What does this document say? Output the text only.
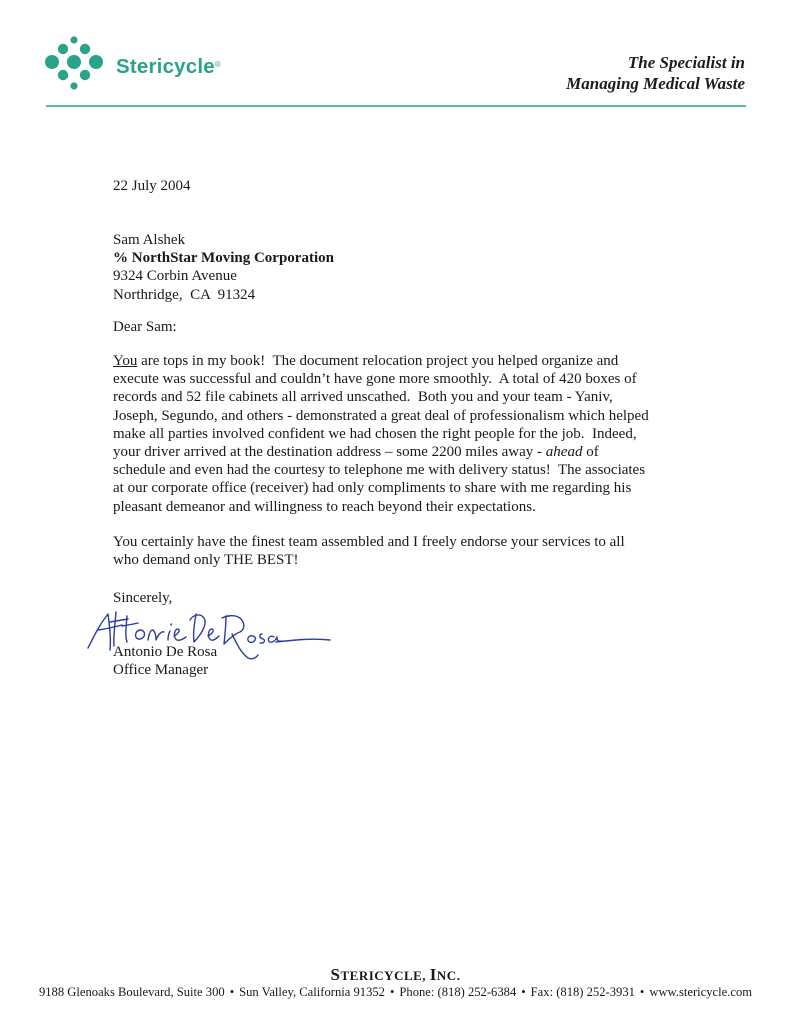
Stericycle®	The Specialist in
Managing Medical Waste
22 July 2004
Sam Alshek
% NorthStar Moving Corporation
9324 Corbin Avenue
Northridge,  CA  91324
Dear Sam:
You are tops in my book!  The document relocation project you helped organize and
execute was successful and couldn’t have gone more smoothly.  A total of 420 boxes of
records and 52 file cabinets all arrived unscathed.  Both you and your team - Yaniv,
Joseph, Segundo, and others - demonstrated a great deal of professionalism which helped
make all parties involved confident we had chosen the right people for the job.  Indeed,
your driver arrived at the destination address – some 2200 miles away - ahead of
schedule and even had the courtesy to telephone me with delivery status!  The associates
at our corporate office (receiver) had only compliments to share with me regarding his
pleasant demeanor and willingness to reach beyond their expectations.
You certainly have the finest team assembled and I freely endorse your services to all
who demand only THE BEST!
Sincerely,
Antonio De Rosa
Office Manager
STERICYCLE, INC.
9188 Glenoaks Boulevard, Suite 300 • Sun Valley, California 91352 • Phone: (818) 252-6384 • Fax: (818) 252-3931 • www.stericycle.com
